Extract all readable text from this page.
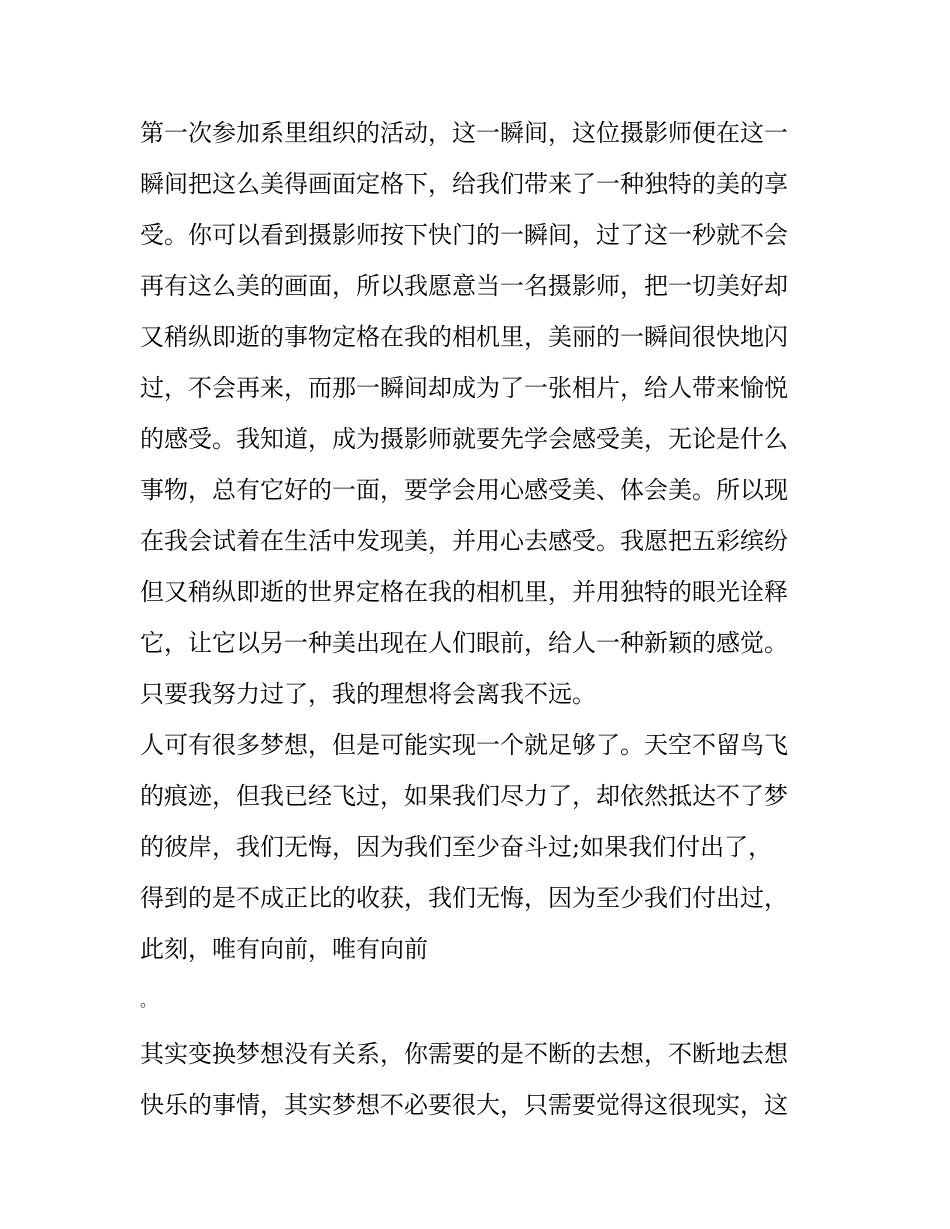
第一次参加系里组织的活动，这一瞬间，这位摄影师便在这一
瞬间把这么美得画面定格下，给我们带来了一种独特的美的享
受。你可以看到摄影师按下快门的一瞬间，过了这一秒就不会
再有这么美的画面，所以我愿意当一名摄影师，把一切美好却
又稍纵即逝的事物定格在我的相机里，美丽的一瞬间很快地闪
过，不会再来，而那一瞬间却成为了一张相片，给人带来愉悦
的感受。我知道，成为摄影师就要先学会感受美，无论是什么
事物，总有它好的一面，要学会用心感受美、体会美。所以现
在我会试着在生活中发现美，并用心去感受。我愿把五彩缤纷
但又稍纵即逝的世界定格在我的相机里，并用独特的眼光诠释
它，让它以另一种美出现在人们眼前，给人一种新颖的感觉。
只要我努力过了，我的理想将会离我不远。
人可有很多梦想，但是可能实现一个就足够了。天空不留鸟飞
的痕迹，但我已经飞过，如果我们尽力了，却依然抵达不了梦
的彼岸，我们无悔，因为我们至少奋斗过;如果我们付出了，
得到的是不成正比的收获，我们无悔，因为至少我们付出过，
此刻，唯有向前，唯有向前
。
其实变换梦想没有关系，你需要的是不断的去想，不断地去想
快乐的事情，其实梦想不必要很大，只需要觉得这很现实，这
